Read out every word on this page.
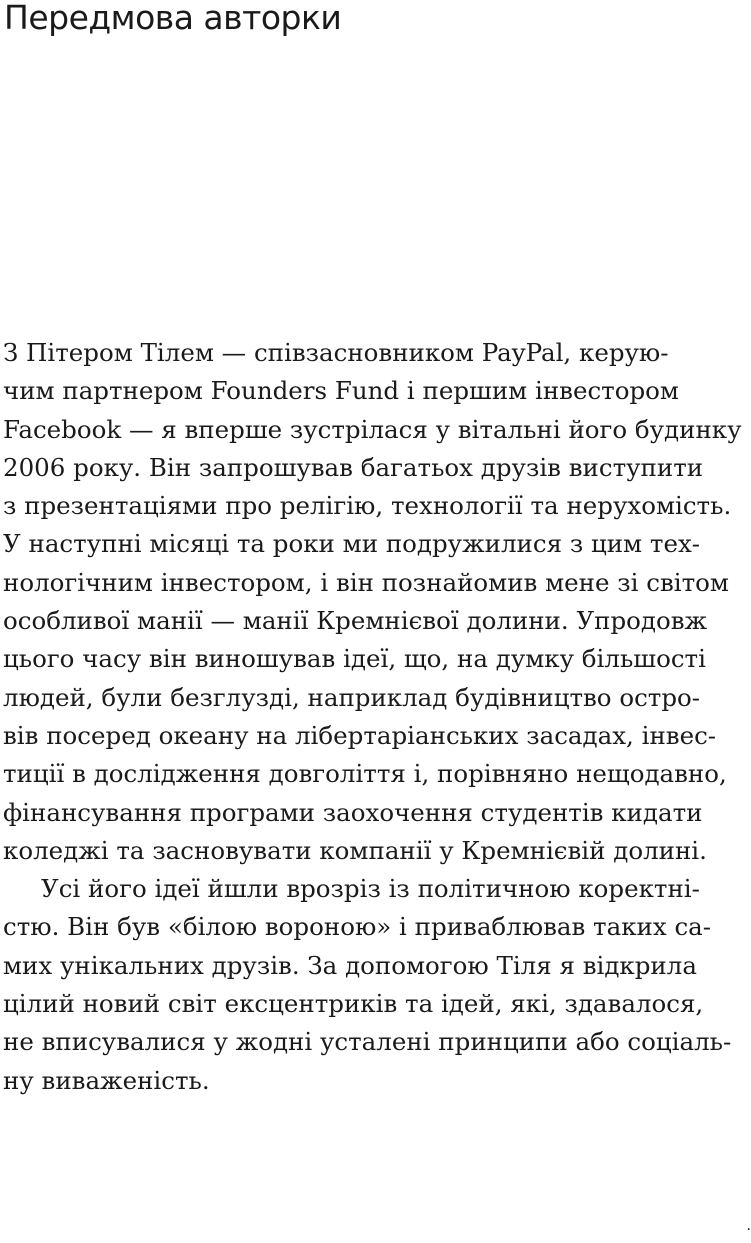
Передмова авторки
З Пітером Тілем — співзасновником PayPal, керую-
чим партнером Founders Fund і першим інвестором
Facebook — я вперше зустрілася у вітальні його будинку
2006 року. Він запрошував багатьох друзів виступити
з презентаціями про релігію, технології та нерухомість.
У наступні місяці та роки ми подружилися з цим тех-
нологічним інвестором, і він познайомив мене зі світом
особливої манії — манії Кремнієвої долини. Упродовж
цього часу він виношував ідеї, що, на думку більшості
людей, були безглузді, наприклад будівництво остро-
вів посеред океану на лібертаріанських засадах, інвес-
тиції в дослідження довголіття і, порівняно нещодавно,
фінансування програми заохочення студентів кидати
коледжі та засновувати компанії у Кремнієвій долині.
Усі його ідеї йшли врозріз із політичною коректні-
стю. Він був «білою вороною» і приваблював таких са-
мих унікальних друзів. За допомогою Тіля я відкрила
цілий новий світ ексцентриків та ідей, які, здавалося,
не вписувалися у жодні усталені принципи або соціаль-
ну виваженість.
·
